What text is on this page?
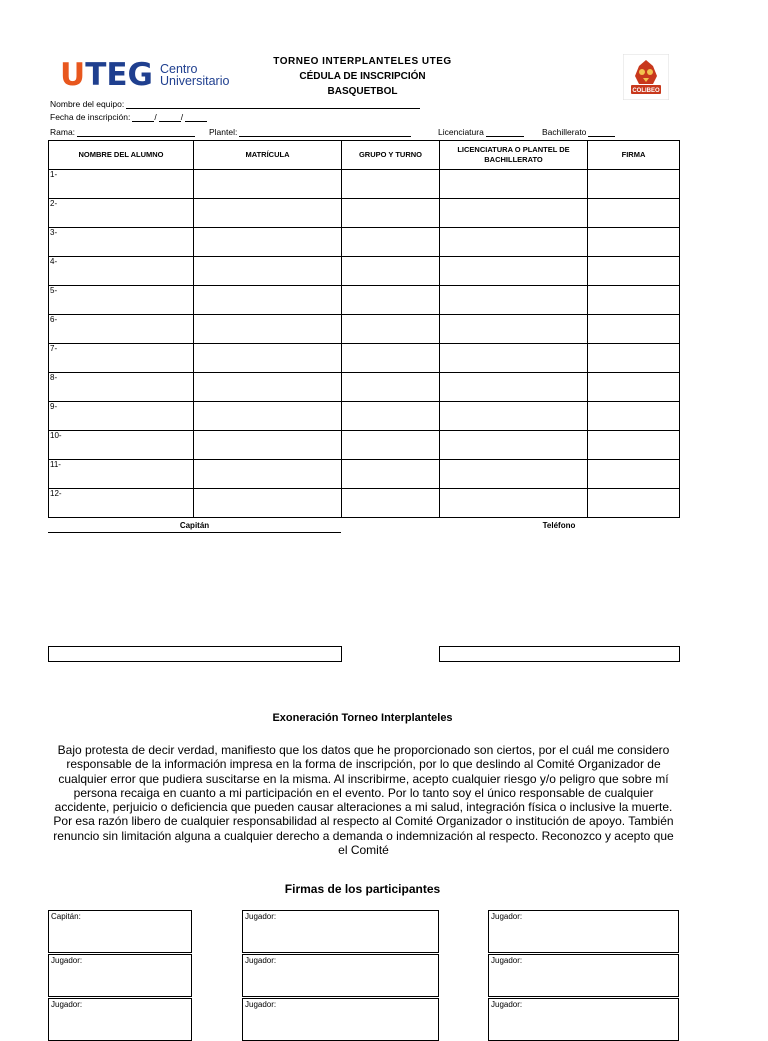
UTEG Centro
Universitario
TORNEO INTERPLANTELES UTEG
CÉDULA DE INSCRIPCIÓN
BASQUETBOL	COLIBEO
Nombre del equipo:
Fecha de inscripción:	/	/
Rama:	Plantel:	Licenciatura	Bachillerato
NOMBRE DEL ALUMNO	MATRÍCULA	GRUPO Y TURNO	LICENCIATURA O PLANTEL DE BACHILLERATO	FIRMA
1-				
2-				
3-				
4-				
5-				
6-				
7-				
8-				
9-				
10-				
11-				
12-				
Capitán	Teléfono
Exoneración Torneo Interplanteles
Bajo protesta de decir verdad, manifiesto que los datos que he proporcionado son ciertos, por el cuál me considero responsable de la información impresa en la forma de inscripción, por lo que deslindo al Comité Organizador de cualquier error que pudiera suscitarse en la misma. Al inscribirme, acepto cualquier riesgo y/o peligro que sobre mí persona recaiga en cuanto a mi participación en el evento. Por lo tanto soy el único responsable de cualquier accidente, perjuicio o deficiencia que pueden causar alteraciones a mi salud, integración física o inclusive la muerte. Por esa razón libero de cualquier responsabilidad al respecto al Comité Organizador o institución de apoyo. También renuncio sin limitación alguna a cualquier derecho a demanda o indemnización al respecto. Reconozco y acepto que el Comité
Firmas de los participantes
Capitán:
Jugador:
Jugador:
Jugador:
Jugador:
Jugador:
Jugador:
Jugador:
Jugador:
